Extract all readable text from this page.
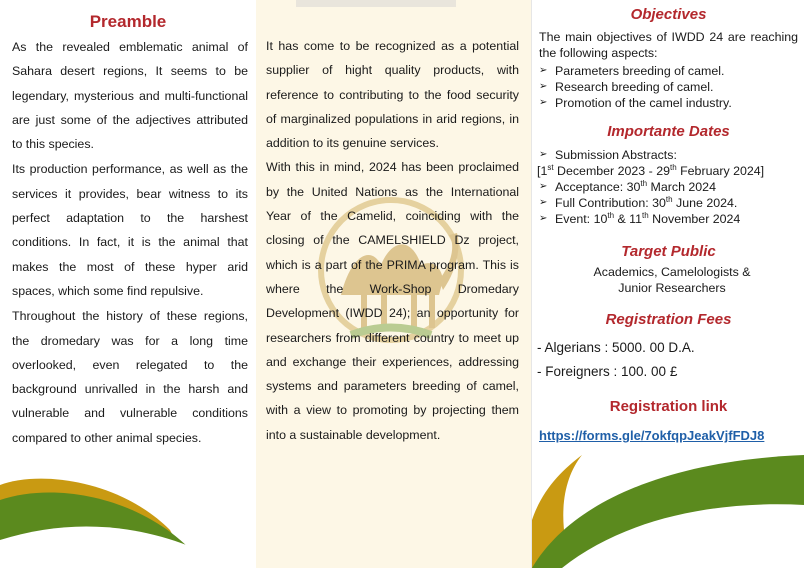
Preamble

As the revealed emblematic animal of Sahara desert regions, It seems to be legendary, mysterious and multi-functional are just some of the adjectives attributed to this species.

Its production performance, as well as the services it provides, bear witness to its perfect adaptation to the harshest conditions. In fact, it is the animal that makes the most of these hyper arid spaces, which some find repulsive.

Throughout the history of these regions, the dromedary was for a long time overlooked, even relegated to the background unrivalled in the harsh and vulnerable and vulnerable conditions compared to other animal species.

It has come to be recognized as a potential supplier of hight quality products, with reference to contributing to the food security of marginalized populations in arid regions, in addition to its genuine services.

With this in mind, 2024 has been proclaimed by the United Nations as the International Year of the Camelid, coinciding with the closing of the CAMELSHIELD Dz project, which is a part of the PRIMA program. This is where the Work-Shop Dromedary Development (IWDD 24); an opportunity for researchers from different country to meet up and exchange their experiences, addressing systems and parameters breeding of camel, with a view to promoting by projecting them into a sustainable development.

Objectives

The main objectives of IWDD 24 are reaching the following aspects:

➢ Parameters breeding of camel.
➢ Research breeding of camel.
➢ Promotion of the camel industry.
Importante Dates
➢ Submission Abstracts:

[1st December 2023 - 29th February 2024]

➢ Acceptance: 30th March 2024
➢ Full Contribution: 30th June 2024.
➢ Event: 10th & 11th November 2024
Target Public

Academics, Camelologists & Junior Researchers

Registration Fees

- Algerians : 5000. 00 D.A.

- Foreigners : 100. 00 £

Registration link
https://forms.gle/7okfqpJeakVjfFDJ8
